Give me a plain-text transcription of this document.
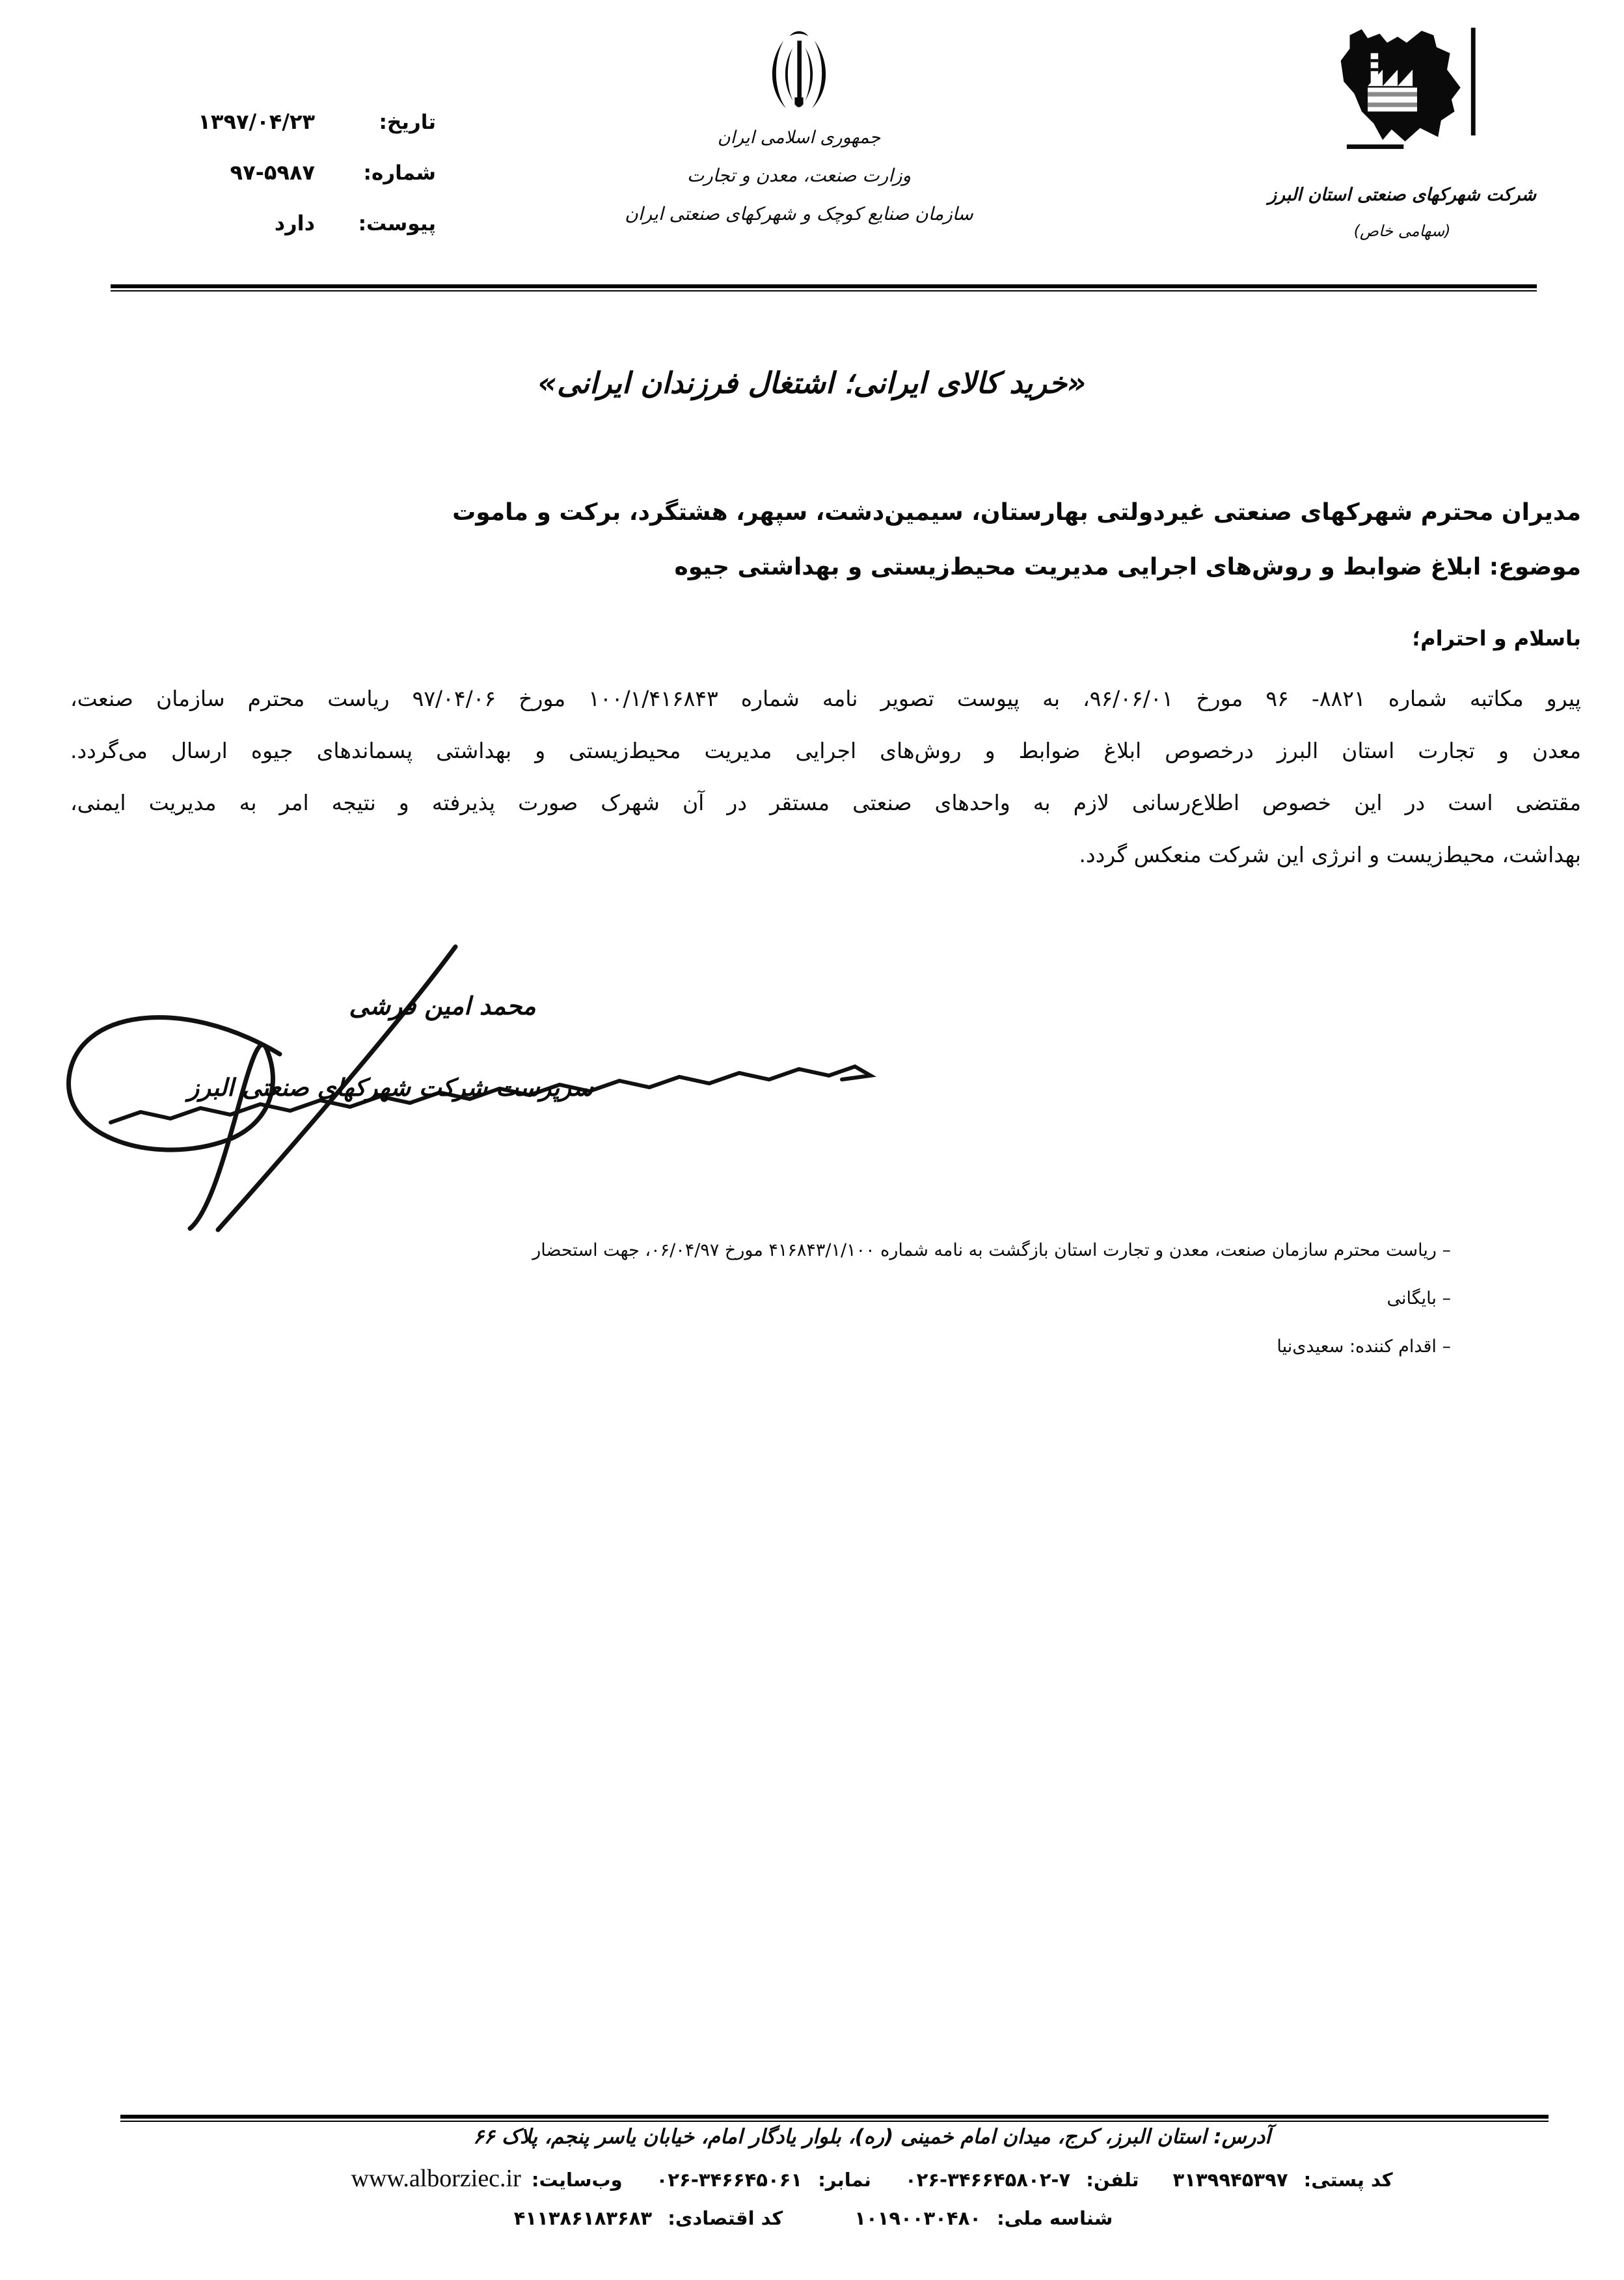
تاریخ:
۱۳۹۷/۰۴/۲۳
شماره:
۹۷-۵۹۸۷
پیوست:
دارد
جمهوری اسلامی ایران
وزارت صنعت، معدن و تجارت
سازمان صنایع کوچک و شهرکهای صنعتی ایران
شرکت شهرکهای صنعتی استان البرز
(سهامی خاص)
«خرید کالای ایرانی؛ اشتغال فرزندان ایرانی»
مدیران محترم شهرکهای صنعتی غیردولتی بهارستان، سیمین‌دشت، سپهر، هشتگرد، برکت و ماموت
موضوع: ابلاغ ضوابط و روش‌های اجرایی مدیریت محیط‌زیستی و بهداشتی جیوه
باسلام و احترام؛
پیرو مکاتبه شماره ۸۸۲۱- ۹۶ مورخ ۹۶/۰۶/۰۱، به پیوست تصویر نامه شماره ۱۰۰/۱/۴۱۶۸۴۳ مورخ ۹۷/۰۴/۰۶ ریاست محترم سازمان صنعت،
معدن و تجارت استان البرز درخصوص ابلاغ ضوابط و روش‌های اجرایی مدیریت محیط‌زیستی و بهداشتی پسماندهای جیوه ارسال می‌گردد.
مقتضی است در این خصوص اطلاع‌رسانی لازم به واحدهای صنعتی مستقر در آن شهرک صورت پذیرفته و نتیجه امر به مدیریت ایمنی،
بهداشت، محیط‌زیست و انرژی این شرکت منعکس گردد.
محمد امین فرشی
سرپرست شرکت شهرکهای صنعتی البرز
– ریاست محترم سازمان صنعت، معدن و تجارت استان بازگشت به نامه شماره ۴۱۶۸۴۳/۱/۱۰۰ مورخ ۰۶/۰۴/۹۷، جهت استحضار
– بایگانی
– اقدام کننده: سعیدی‌نیا
آدرس: استان البرز، کرج، میدان امام خمینی (ره)، بلوار یادگار امام، خیابان یاسر پنجم، پلاک ۶۶
کد پستی: ۳۱۳۹۹۴۵۳۹۷
تلفن: ۰۲۶-۳۴۶۶۴۵۸۰۲-۷
نمابر: ۰۲۶-۳۴۶۶۴۵۰۶۱
وب‌سایت: www.alborziec.ir
شناسه ملی: ۱۰۱۹۰۰۳۰۴۸۰
کد اقتصادی: ۴۱۱۳۸۶۱۸۳۶۸۳
